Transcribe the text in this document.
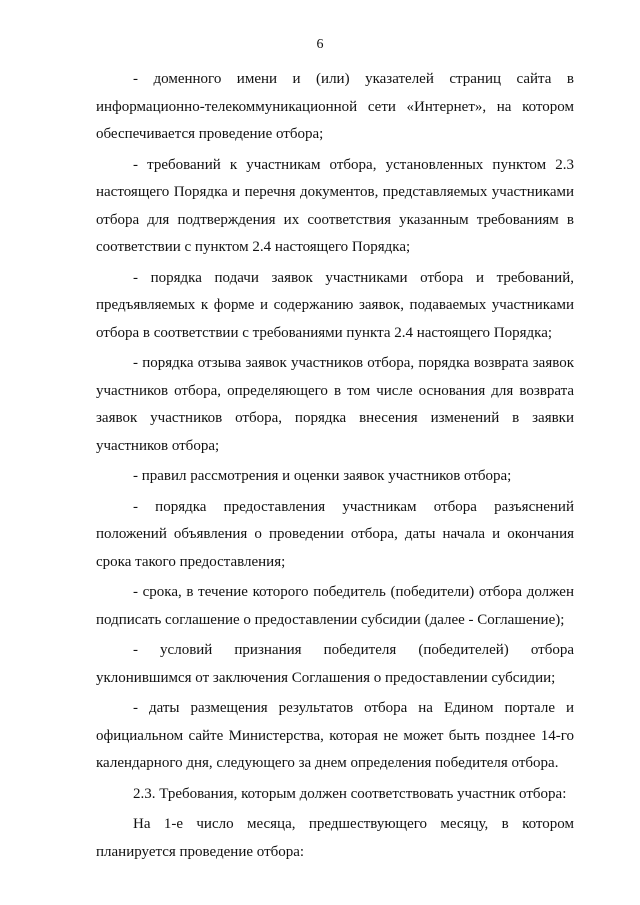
6

- доменного имени и (или) указателей страниц сайта в информационно-телекоммуникационной сети «Интернет», на котором обеспечивается проведение отбора;

- требований к участникам отбора, установленных пунктом 2.3 настоящего Порядка и перечня документов, представляемых участниками отбора для подтверждения их соответствия указанным требованиям в соответствии с пунктом 2.4 настоящего Порядка;

- порядка подачи заявок участниками отбора и требований, предъявляемых к форме и содержанию заявок, подаваемых участниками отбора в соответствии с требованиями пункта 2.4 настоящего Порядка;

- порядка отзыва заявок участников отбора, порядка возврата заявок участников отбора, определяющего в том числе основания для возврата заявок участников отбора, порядка внесения изменений в заявки участников отбора;

- правил рассмотрения и оценки заявок участников отбора;

- порядка предоставления участникам отбора разъяснений положений объявления о проведении отбора, даты начала и окончания срока такого предоставления;

- срока, в течение которого победитель (победители) отбора должен подписать соглашение о предоставлении субсидии (далее - Соглашение);

- условий признания победителя (победителей) отбора уклонившимся от заключения Соглашения о предоставлении субсидии;

- даты размещения результатов отбора на Едином портале и официальном сайте Министерства, которая не может быть позднее 14-го календарного дня, следующего за днем определения победителя отбора.

2.3. Требования, которым должен соответствовать участник отбора:

На 1-е число месяца, предшествующего месяцу, в котором планируется проведение отбора:
